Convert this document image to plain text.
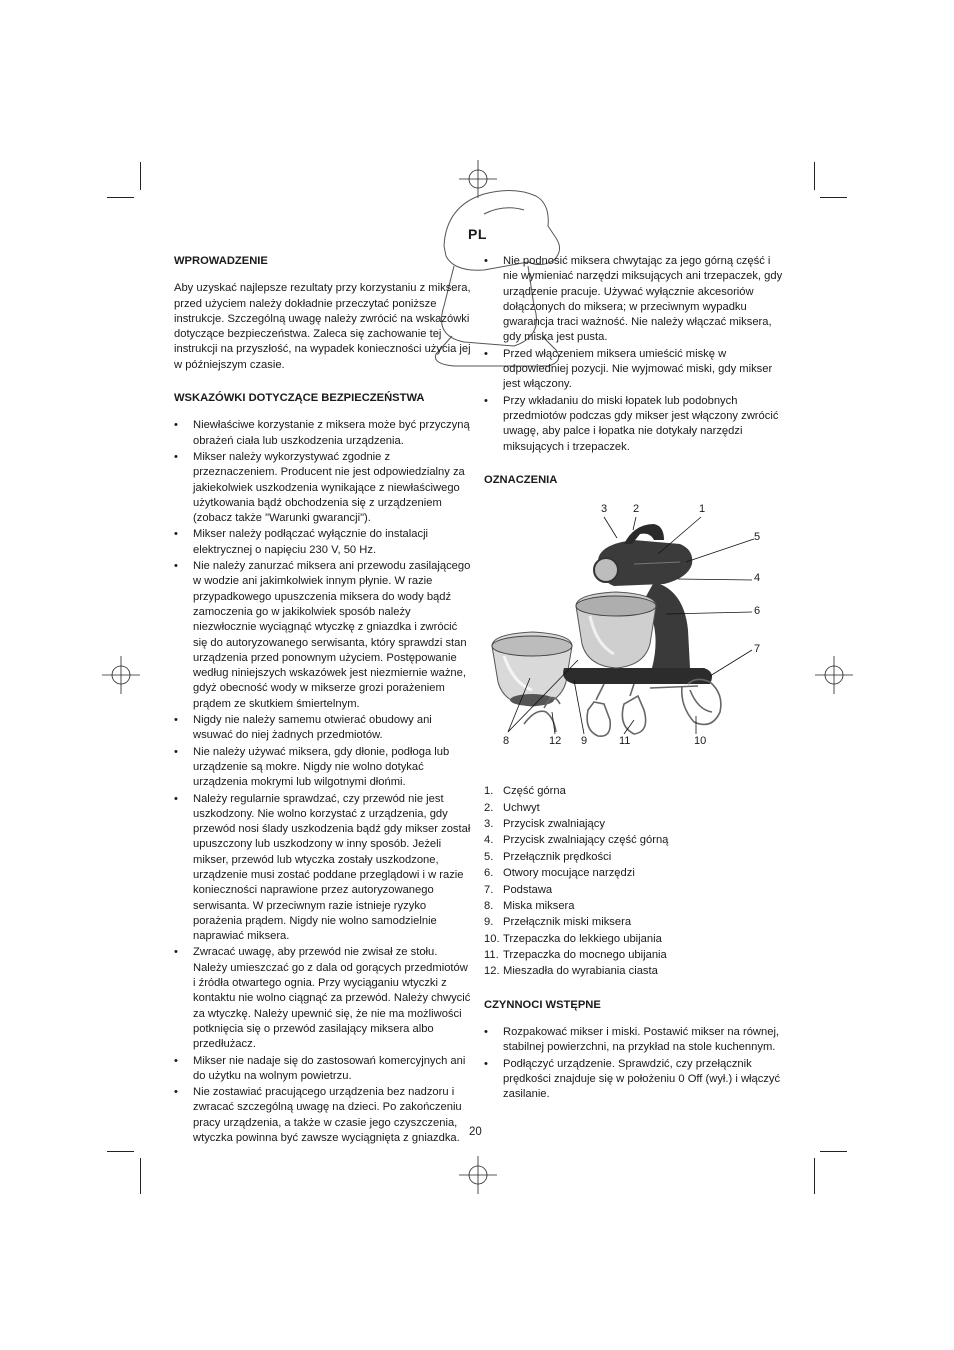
PL
WPROWADZENIE

Aby uzyskać najlepsze rezultaty przy korzystaniu z miksera, przed użyciem należy dokładnie przeczytać poniższe instrukcje. Szczególną uwagę należy zwrócić na wskazówki dotyczące bezpieczeństwa. Zaleca się zachowanie tej instrukcji na przyszłość, na wypadek konieczności użycia jej w późniejszym czasie.

WSKAZÓWKI DOTYCZĄCE BEZPIECZEŃSTWA
• Niewłaściwe korzystanie z miksera może być przyczyną obrażeń ciała lub uszkodzenia urządzenia.
• Mikser należy wykorzystywać zgodnie z przeznaczeniem. Producent nie jest odpowiedzialny za jakiekolwiek uszkodzenia wynikające z niewłaściwego użytkowania bądź obchodzenia się z urządzeniem (zobacz także "Warunki gwarancji").
• Mikser należy podłączać wyłącznie do instalacji elektrycznej o napięciu 230 V, 50 Hz.
• Nie należy zanurzać miksera ani przewodu zasilającego w wodzie ani jakimkolwiek innym płynie. W razie przypadkowego upuszczenia miksera do wody bądź zamoczenia go w jakikolwiek sposób należy niezwłocznie wyciągnąć wtyczkę z gniazdka i zwrócić się do autoryzowanego serwisanta, który sprawdzi stan urządzenia przed ponownym użyciem. Postępowanie według niniejszych wskazówek jest niezmiernie ważne, gdyż obecność wody w mikserze grozi porażeniem prądem ze skutkiem śmiertelnym.
• Nigdy nie należy samemu otwierać obudowy ani wsuwać do niej żadnych przedmiotów.
• Nie należy używać miksera, gdy dłonie, podłoga lub urządzenie są mokre. Nigdy nie wolno dotykać urządzenia mokrymi lub wilgotnymi dłońmi.
• Należy regularnie sprawdzać, czy przewód nie jest uszkodzony. Nie wolno korzystać z urządzenia, gdy przewód nosi ślady uszkodzenia bądź gdy mikser został upuszczony lub uszkodzony w inny sposób. Jeżeli mikser, przewód lub wtyczka zostały uszkodzone, urządzenie musi zostać poddane przeglądowi i w razie konieczności naprawione przez autoryzowanego serwisanta. W przeciwnym razie istnieje ryzyko porażenia prądem. Nigdy nie wolno samodzielnie naprawiać miksera.
• Zwracać uwagę, aby przewód nie zwisał ze stołu. Należy umieszczać go z dala od gorących przedmiotów i źródła otwartego ognia. Przy wyciąganiu wtyczki z kontaktu nie wolno ciągnąć za przewód. Należy chwycić za wtyczkę. Należy upewnić się, że nie ma możliwości potknięcia się o przewód zasilający miksera albo przedłużacz.
• Mikser nie nadaje się do zastosowań komercyjnych ani do użytku na wolnym powietrzu.
• Nie zostawiać pracującego urządzenia bez nadzoru i zwracać szczególną uwagę na dzieci. Po zakończeniu pracy urządzenia, a także w czasie jego czyszczenia, wtyczka powinna być zawsze wyciągnięta z gniazdka.
• Nie podnosić miksera chwytając za jego górną część i nie wymieniać narzędzi miksujących ani trzepaczek, gdy urządzenie pracuje. Używać wyłącznie akcesoriów dołączonych do miksera; w przeciwnym wypadku gwarancja traci ważność. Nie należy włączać miksera, gdy miska jest pusta.
• Przed włączeniem miksera umieścić miskę w odpowiedniej pozycji. Nie wyjmować miski, gdy mikser jest włączony.
• Przy wkładaniu do miski łopatek lub podobnych przedmiotów podczas gdy mikser jest włączony zwrócić uwagę, aby palce i łopatka nie dotykały narzędzi miksujących i trzepaczek.
OZNACZENIA
3 2	1
5
4
6
7
8	12 9	11	10
1. Część górna
2. Uchwyt
3. Przycisk zwalniający
4. Przycisk zwalniający część górną
5. Przełącznik prędkości
6. Otwory mocujące narzędzi
7. Podstawa
8. Miska miksera
9. Przełącznik miski miksera
10. Trzepaczka do lekkiego ubijania
11. Trzepaczka do mocnego ubijania
12. Mieszadła do wyrabiania ciasta
CZYNNOCI WSTĘPNE
• Rozpakować mikser i miski. Postawić mikser na równej, stabilnej powierzchni, na przykład na stole kuchennym.
• Podłączyć urządzenie. Sprawdzić, czy przełącznik prędkości znajduje się w położeniu 0 Off (wył.) i włączyć zasilanie.
20
